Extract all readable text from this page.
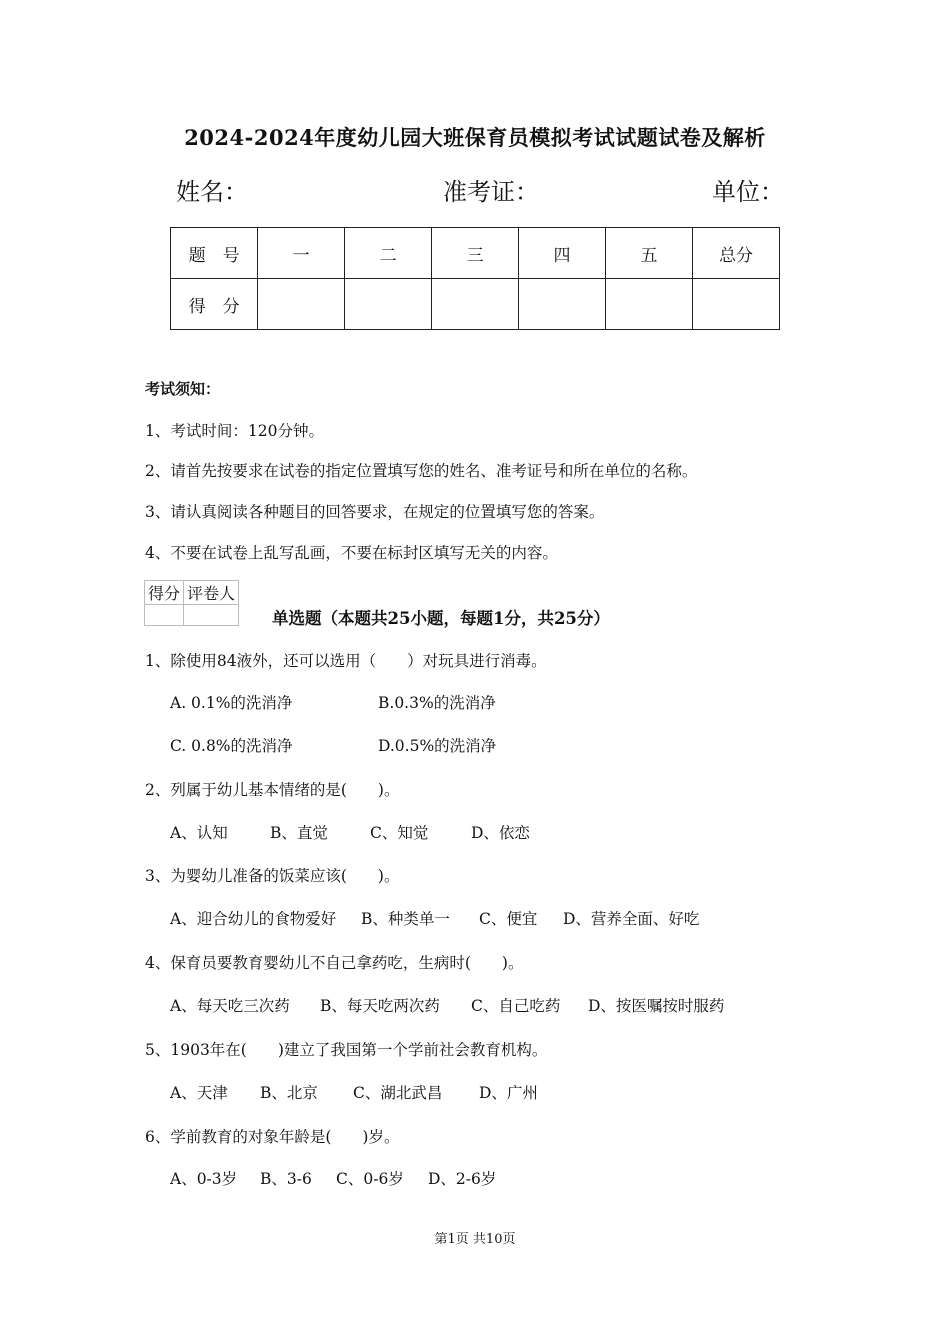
2024-2024年度幼儿园大班保育员模拟考试试题试卷及解析
姓名：	准考证：	单位：
题　号	一	二	三	四	五	总分
得　分						
考试须知：
1、考试时间：120分钟。
2、请首先按要求在试卷的指定位置填写您的姓名、准考证号和所在单位的名称。
3、请认真阅读各种题目的回答要求，在规定的位置填写您的答案。
4、不要在试卷上乱写乱画，不要在标封区填写无关的内容。
得分	评卷人

单选题（本题共25小题，每题1分，共25分）
1、除使用84液外，还可以选用（　　）对玩具进行消毒。
A. 0.1%的洗消净	B.0.3%的洗消净
C. 0.8%的洗消净	D.0.5%的洗消净
2、列属于幼儿基本情绪的是(　　)。
A、认知	B、直觉	C、知觉	D、依恋
3、为婴幼儿准备的饭菜应该(　　)。
A、迎合幼儿的食物爱好 B、种类单一 C、便宜 D、营养全面、好吃
4、保育员要教育婴幼儿不自己拿药吃，生病时(　　)。
A、每天吃三次药 B、每天吃两次药 C、自己吃药 D、按医嘱按时服药
5、1903年在(　　)建立了我国第一个学前社会教育机构。
A、天津 B、北京 C、湖北武昌 D、广州
6、学前教育的对象年龄是(　　)岁。
A、0-3岁 B、3-6 C、0-6岁 D、2-6岁
第1页 共10页
